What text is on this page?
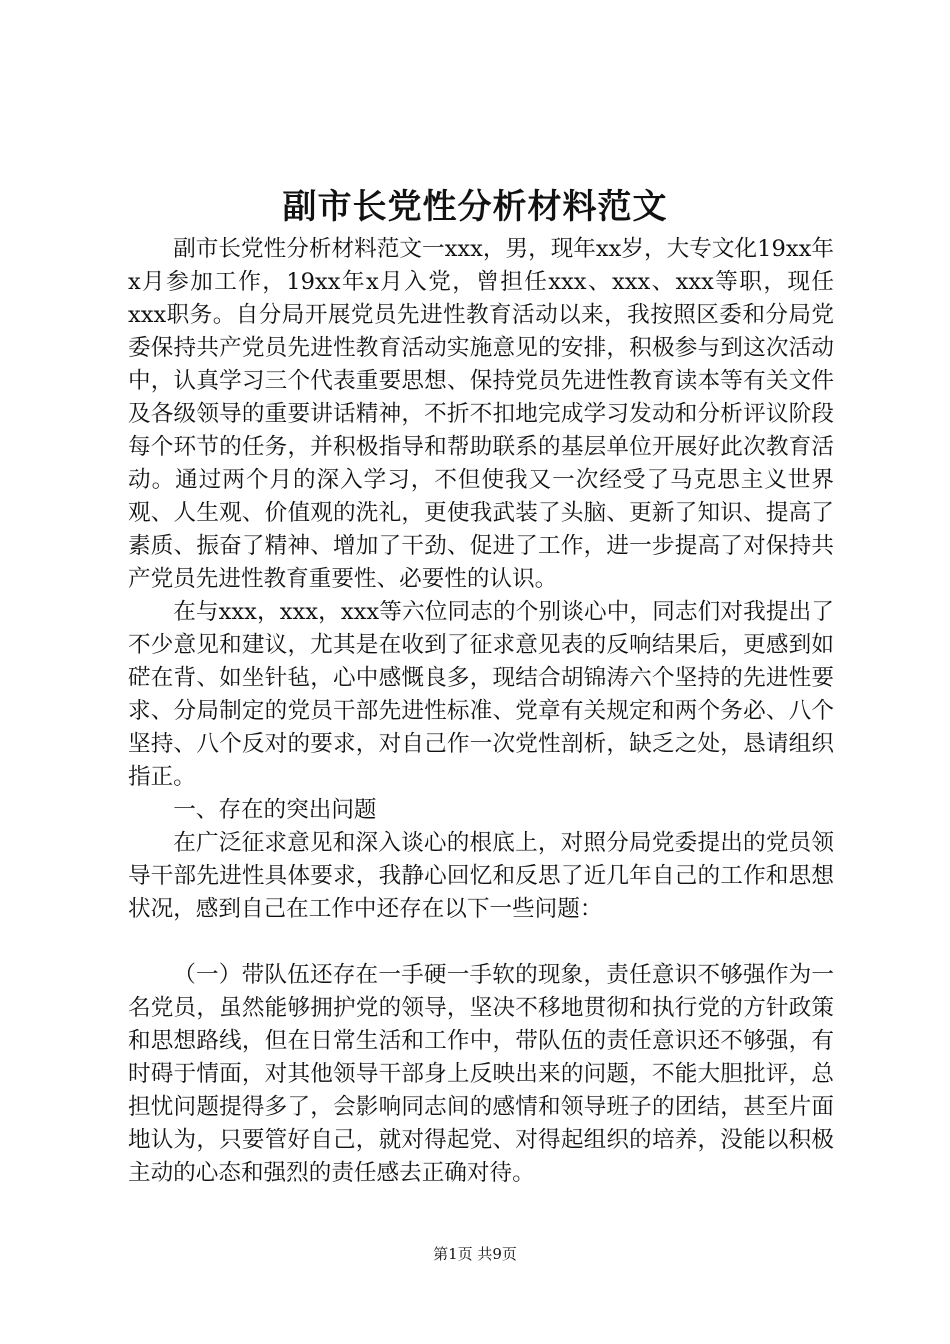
副市长党性分析材料范文

副市长党性分析材料范文一xxx，男，现年xx岁，大专文化19xx年x月参加工作，19xx年x月入党，曾担任xxx、xxx、xxx等职，现任xxx职务。自分局开展党员先进性教育活动以来，我按照区委和分局党委保持共产党员先进性教育活动实施意见的安排，积极参与到这次活动中，认真学习三个代表重要思想、保持党员先进性教育读本等有关文件及各级领导的重要讲话精神，不折不扣地完成学习发动和分析评议阶段每个环节的任务，并积极指导和帮助联系的基层单位开展好此次教育活动。通过两个月的深入学习，不但使我又一次经受了马克思主义世界观、人生观、价值观的洗礼，更使我武装了头脑、更新了知识、提高了素质、振奋了精神、增加了干劲、促进了工作，进一步提高了对保持共产党员先进性教育重要性、必要性的认识。

在与xxx，xxx，xxx等六位同志的个别谈心中，同志们对我提出了不少意见和建议，尤其是在收到了征求意见表的反响结果后，更感到如硭在背、如坐针毡，心中感慨良多，现结合胡锦涛六个坚持的先进性要求、分局制定的党员干部先进性标准、党章有关规定和两个务必、八个坚持、八个反对的要求，对自己作一次党性剖析，缺乏之处，恳请组织指正。

一、存在的突出问题

在广泛征求意见和深入谈心的根底上，对照分局党委提出的党员领导干部先进性具体要求，我静心回忆和反思了近几年自己的工作和思想状况，感到自己在工作中还存在以下一些问题：

（一）带队伍还存在一手硬一手软的现象，责任意识不够强作为一名党员，虽然能够拥护党的领导，坚决不移地贯彻和执行党的方针政策和思想路线，但在日常生活和工作中，带队伍的责任意识还不够强，有时碍于情面，对其他领导干部身上反映出来的问题，不能大胆批评，总担忧问题提得多了，会影响同志间的感情和领导班子的团结，甚至片面地认为，只要管好自己，就对得起党、对得起组织的培养，没能以积极主动的心态和强烈的责任感去正确对待。

第1页 共9页
